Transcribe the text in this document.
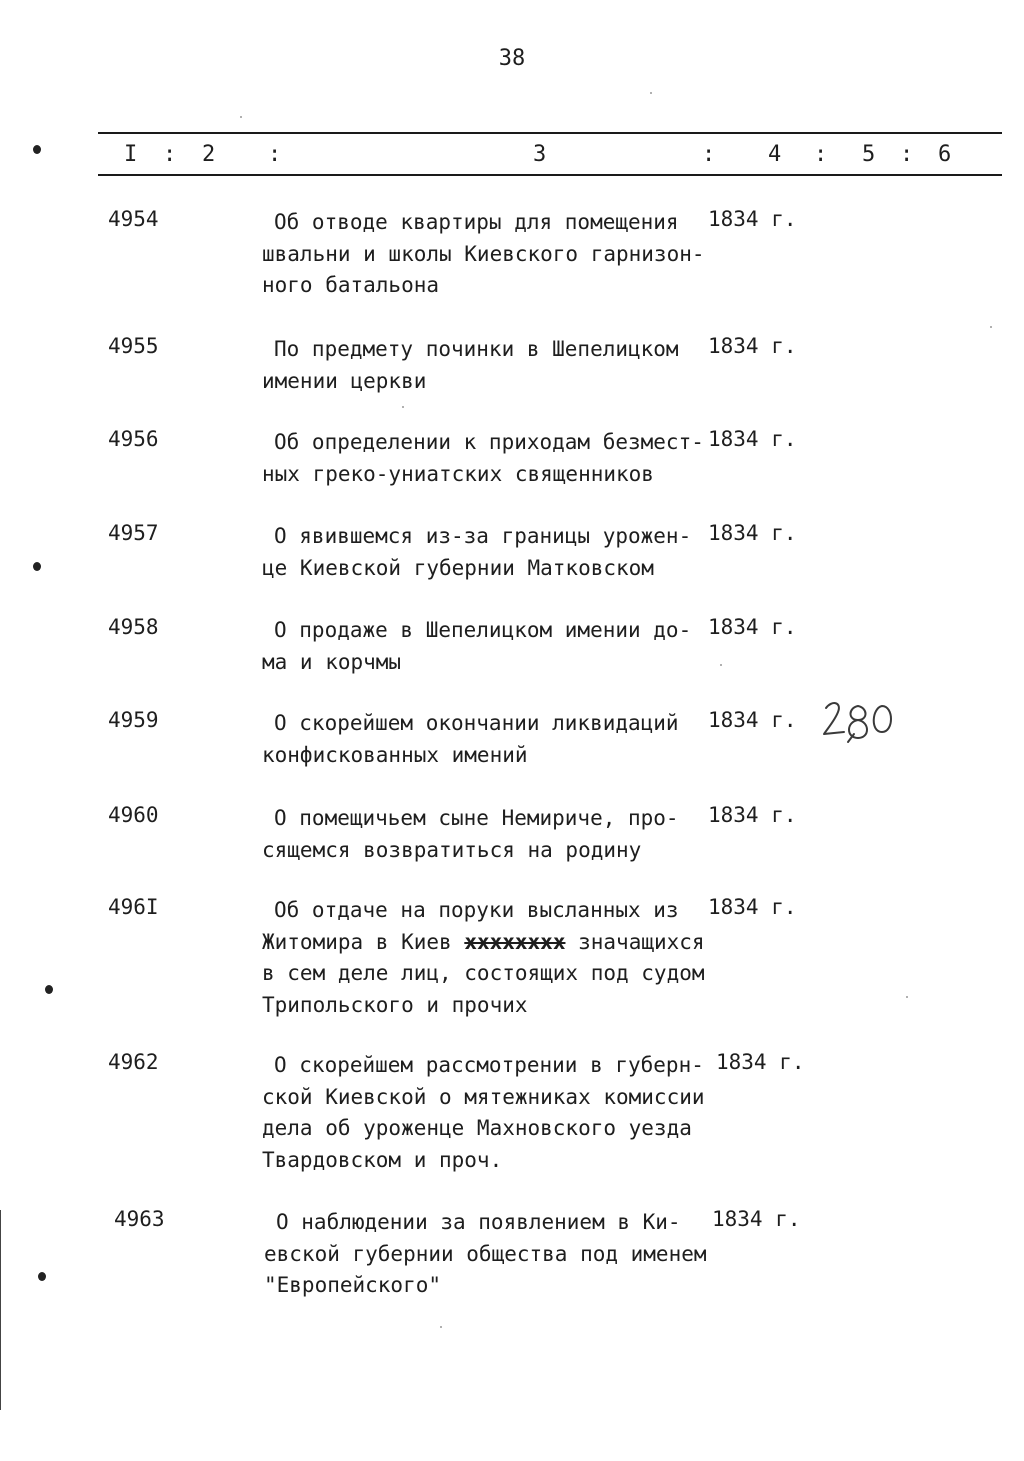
38
I : 2 :	3	: 4 : 5 : 6
4954	Об отводе квартиры для помещения
швальни и школы Киевского гарнизон-
ного батальона
1834 г.
4955	По предмету починки в Шепелицком
имении церкви
1834 г.
4956	Об определении к приходам безмест-
ных греко-униатских священников
1834 г.
4957	О явившемся из-за границы урожен-
це Киевской губернии Матковском
1834 г.
4958	О продаже в Шепелицком имении до-
ма и корчмы
1834 г.
4959	О скорейшем окончании ликвидаций
конфискованных имений
1834 г.
4960	О помещичьем сыне Немириче, про-
сящемся возвратиться на родину
1834 г.
496I	Об отдаче на поруки высланных из
Житомира в Киев хххххххх значащихся
в сем деле лиц, состоящих под судом
Трипольского и прочих
1834 г.
4962	О скорейшем рассмотрении в губерн-
ской Киевской о мятежниках комиссии
дела об уроженце Махновского уезда
Твардовском и проч.
1834 г.
4963	О наблюдении за появлением в Ки-
евской губернии общества под именем
"Европейского"
1834 г.
